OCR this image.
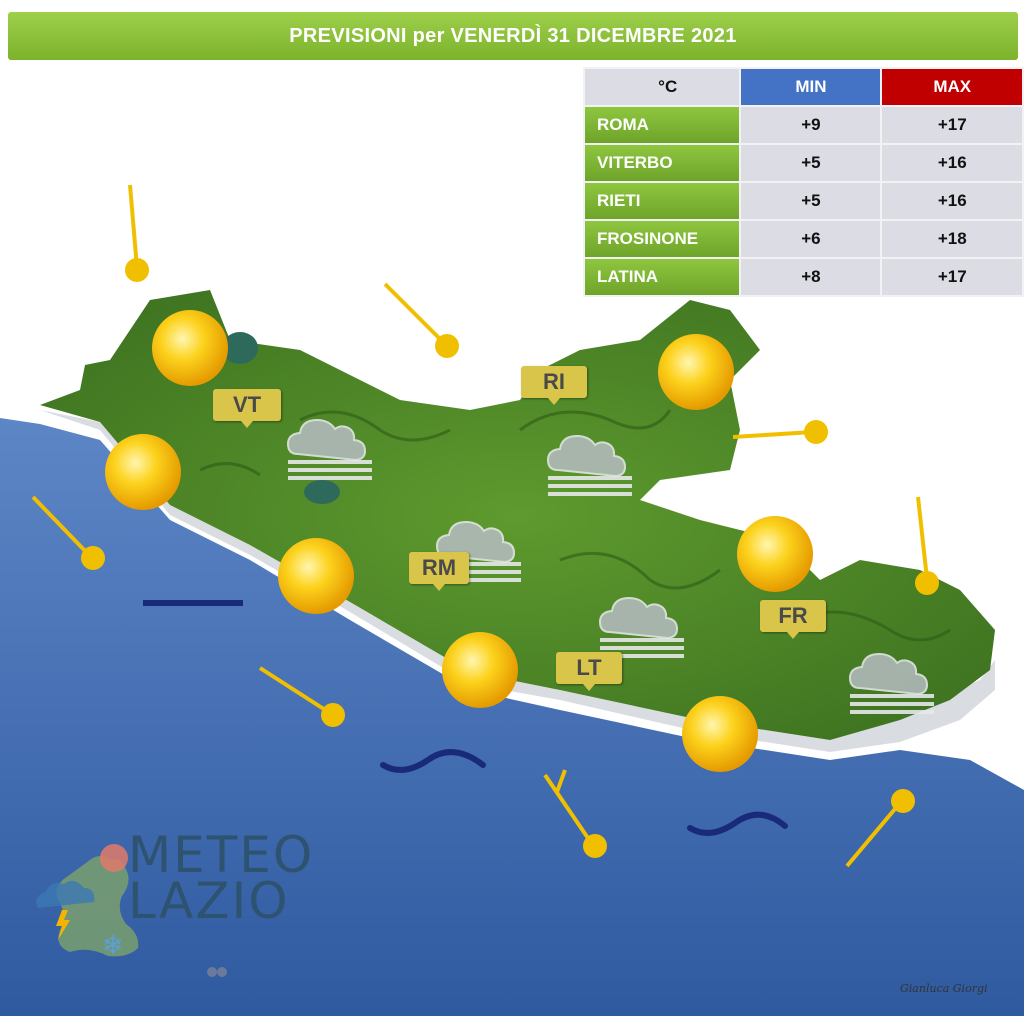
PREVISIONI per VENERDÌ 31 DICEMBRE 2021
°C	MIN	MAX
ROMA	+9	+17
VITERBO	+5	+16
RIETI	+5	+16
FROSINONE	+6	+18
LATINA	+8	+17
VT
RI
RM
LT
FR
❄
METEO
LAZIO
Gianluca Giorgi
